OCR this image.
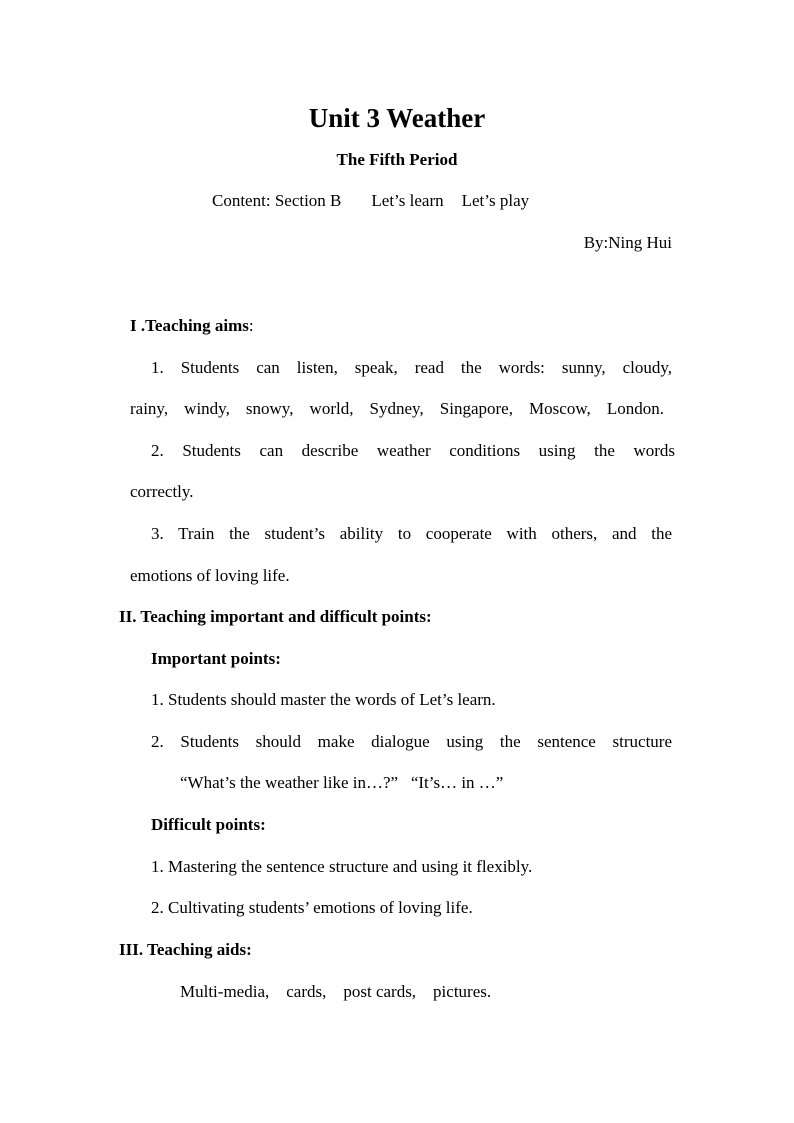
Unit 3 Weather
The Fifth Period
Content: Section B Let’s learn Let’s play
By:Ning Hui
I .Teaching aims:
1. Students can listen, speak, read the words: sunny, cloudy,
rainy, windy, snowy, world, Sydney, Singapore, Moscow, London.
2. Students can describe weather conditions using the words
correctly.
3. Train the student’s ability to cooperate with others, and the
emotions of loving life.
II. Teaching important and difficult points:
Important points:
1. Students should master the words of Let’s learn.
2. Students should make dialogue using the sentence structure
“What’s the weather like in…?”   “It’s… in …”
Difficult points:
1. Mastering the sentence structure and using it flexibly.
2. Cultivating students’ emotions of loving life.
III. Teaching aids:
Multi-media,    cards,    post cards,    pictures.
